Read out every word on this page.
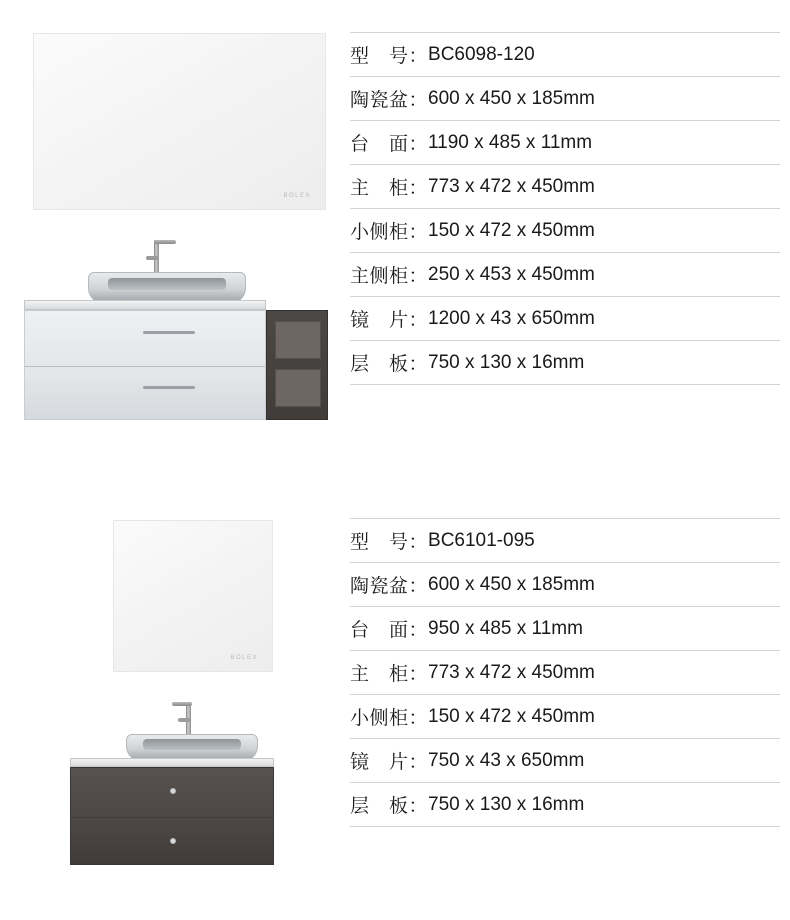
BOLEX
型　号： BC6098-120
陶瓷盆： 600 x 450 x 185mm
台　面： 1190 x 485 x 11mm
主　柜： 773 x 472 x 450mm
小侧柜： 150 x 472 x 450mm
主侧柜： 250 x 453 x 450mm
镜　片： 1200 x 43 x 650mm
层　板： 750 x 130 x 16mm
BOLEX
型　号： BC6101-095
陶瓷盆： 600 x 450 x 185mm
台　面： 950 x 485 x 11mm
主　柜： 773 x 472 x 450mm
小侧柜： 150 x 472 x 450mm
镜　片： 750 x 43 x 650mm
层　板： 750 x 130 x 16mm
